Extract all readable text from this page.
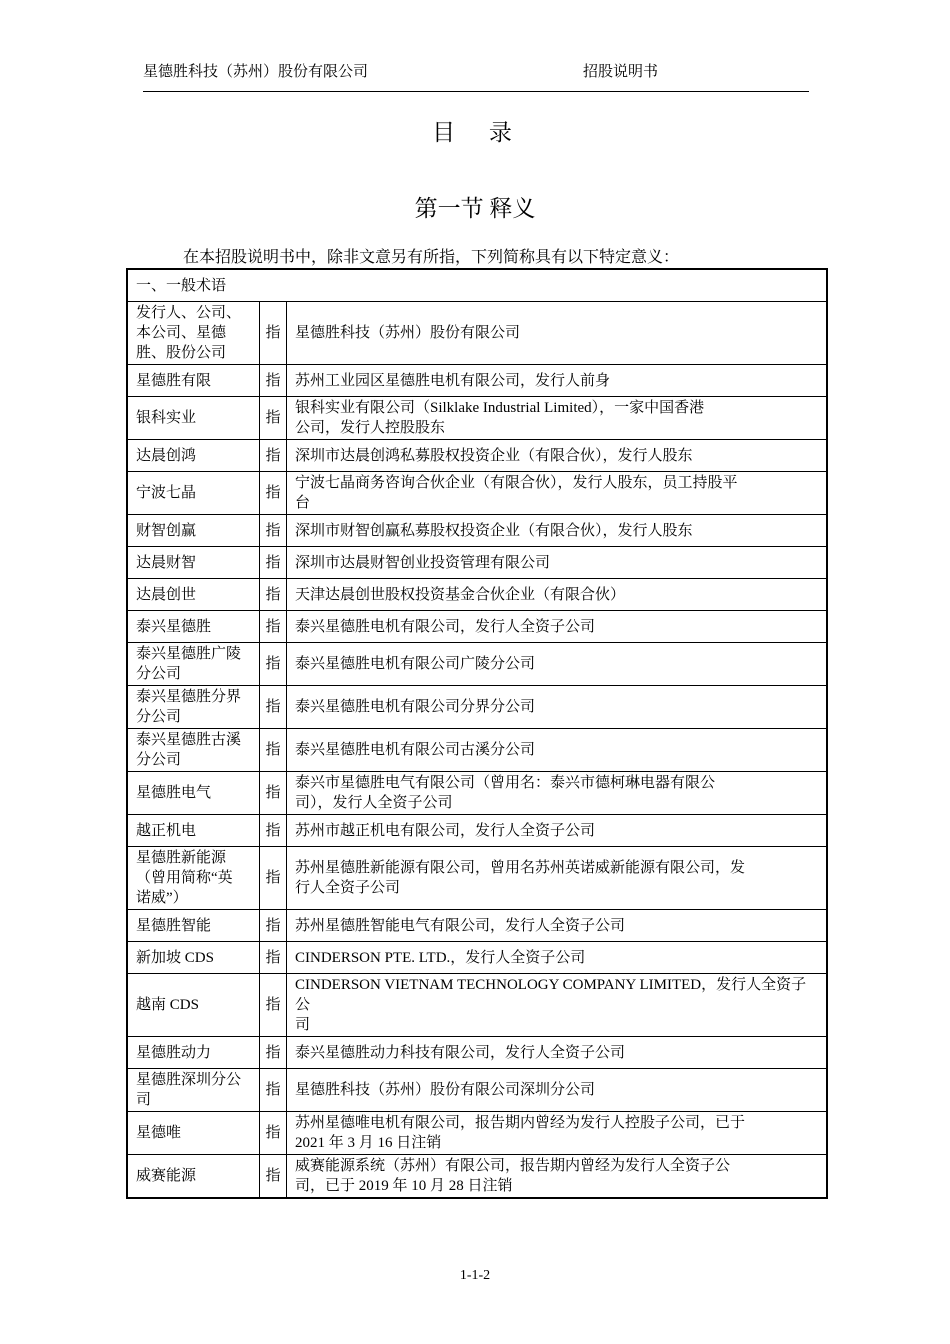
星德胜科技（苏州）股份有限公司	招股说明书
目 录
第一节 释义
在本招股说明书中，除非文意另有所指，下列简称具有以下特定意义：
一、一般术语		
发行人、公司、
本公司、星德
胜、股份公司	指	星德胜科技（苏州）股份有限公司
星德胜有限	指	苏州工业园区星德胜电机有限公司，发行人前身
银科实业	指	银科实业有限公司（Silklake Industrial Limited），一家中国香港
公司，发行人控股股东
达晨创鸿	指	深圳市达晨创鸿私募股权投资企业（有限合伙），发行人股东
宁波七晶	指	宁波七晶商务咨询合伙企业（有限合伙），发行人股东，员工持股平
台
财智创赢	指	深圳市财智创赢私募股权投资企业（有限合伙），发行人股东
达晨财智	指	深圳市达晨财智创业投资管理有限公司
达晨创世	指	天津达晨创世股权投资基金合伙企业（有限合伙）
泰兴星德胜	指	泰兴星德胜电机有限公司，发行人全资子公司
泰兴星德胜广陵
分公司	指	泰兴星德胜电机有限公司广陵分公司
泰兴星德胜分界
分公司	指	泰兴星德胜电机有限公司分界分公司
泰兴星德胜古溪
分公司	指	泰兴星德胜电机有限公司古溪分公司
星德胜电气	指	泰兴市星德胜电气有限公司（曾用名：泰兴市德柯琳电器有限公
司），发行人全资子公司
越正机电	指	苏州市越正机电有限公司，发行人全资子公司
星德胜新能源
（曾用简称“英
诺威”）	指	苏州星德胜新能源有限公司，曾用名苏州英诺威新能源有限公司，发
行人全资子公司
星德胜智能	指	苏州星德胜智能电气有限公司，发行人全资子公司
新加坡 CDS	指	CINDERSON PTE. LTD.，发行人全资子公司
越南 CDS	指	CINDERSON VIETNAM TECHNOLOGY COMPANY LIMITED，发行人全资子公
司
星德胜动力	指	泰兴星德胜动力科技有限公司，发行人全资子公司
星德胜深圳分公
司	指	星德胜科技（苏州）股份有限公司深圳分公司
星德唯	指	苏州星德唯电机有限公司，报告期内曾经为发行人控股子公司，已于
2021 年 3 月 16 日注销
威赛能源	指	威赛能源系统（苏州）有限公司，报告期内曾经为发行人全资子公
司，已于 2019 年 10 月 28 日注销
1-1-2
